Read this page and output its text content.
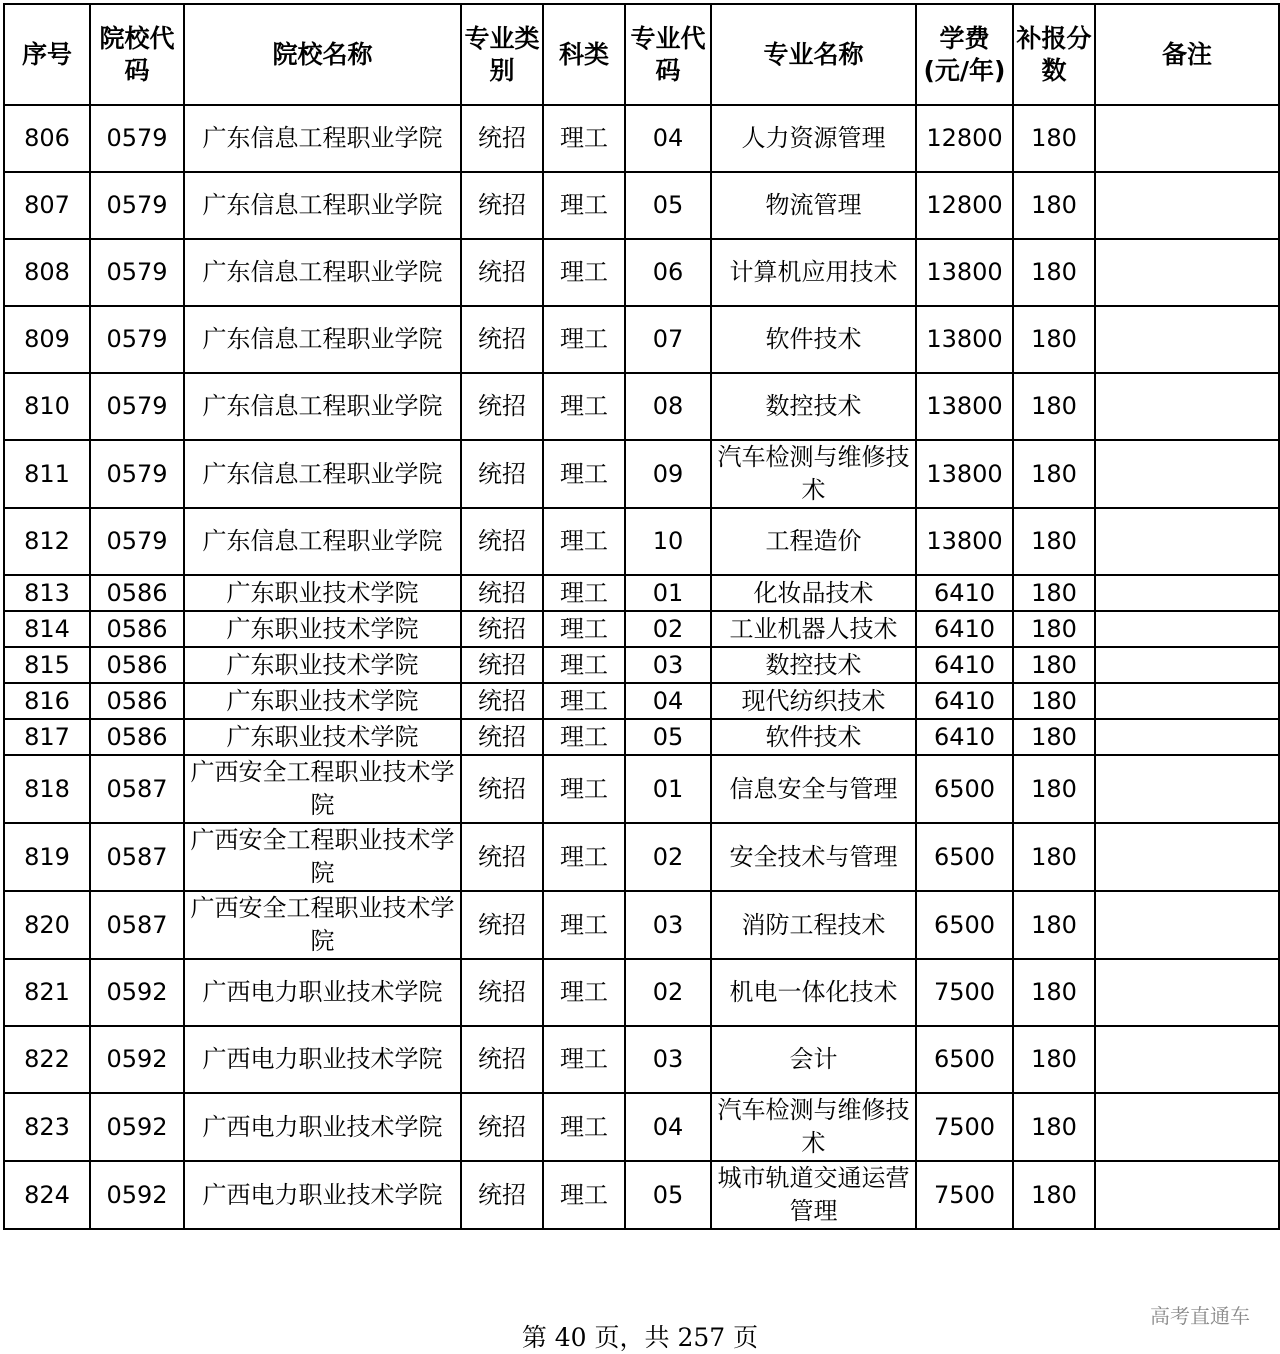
序号	院校代码	院校名称	专业类别	科类	专业代码	专业名称	学费(元/年)	补报分数	备注
806	0579	广东信息工程职业学院	统招	理工	04	人力资源管理	12800	180	
807	0579	广东信息工程职业学院	统招	理工	05	物流管理	12800	180	
808	0579	广东信息工程职业学院	统招	理工	06	计算机应用技术	13800	180	
809	0579	广东信息工程职业学院	统招	理工	07	软件技术	13800	180	
810	0579	广东信息工程职业学院	统招	理工	08	数控技术	13800	180	
811	0579	广东信息工程职业学院	统招	理工	09	汽车检测与维修技术	13800	180	
812	0579	广东信息工程职业学院	统招	理工	10	工程造价	13800	180	
813	0586	广东职业技术学院	统招	理工	01	化妆品技术	6410	180	
814	0586	广东职业技术学院	统招	理工	02	工业机器人技术	6410	180	
815	0586	广东职业技术学院	统招	理工	03	数控技术	6410	180	
816	0586	广东职业技术学院	统招	理工	04	现代纺织技术	6410	180	
817	0586	广东职业技术学院	统招	理工	05	软件技术	6410	180	
818	0587	广西安全工程职业技术学院	统招	理工	01	信息安全与管理	6500	180	
819	0587	广西安全工程职业技术学院	统招	理工	02	安全技术与管理	6500	180	
820	0587	广西安全工程职业技术学院	统招	理工	03	消防工程技术	6500	180	
821	0592	广西电力职业技术学院	统招	理工	02	机电一体化技术	7500	180	
822	0592	广西电力职业技术学院	统招	理工	03	会计	6500	180	
823	0592	广西电力职业技术学院	统招	理工	04	汽车检测与维修技术	7500	180	
824	0592	广西电力职业技术学院	统招	理工	05	城市轨道交通运营管理	7500	180	
第 40 页，共 257 页
高考直通车
